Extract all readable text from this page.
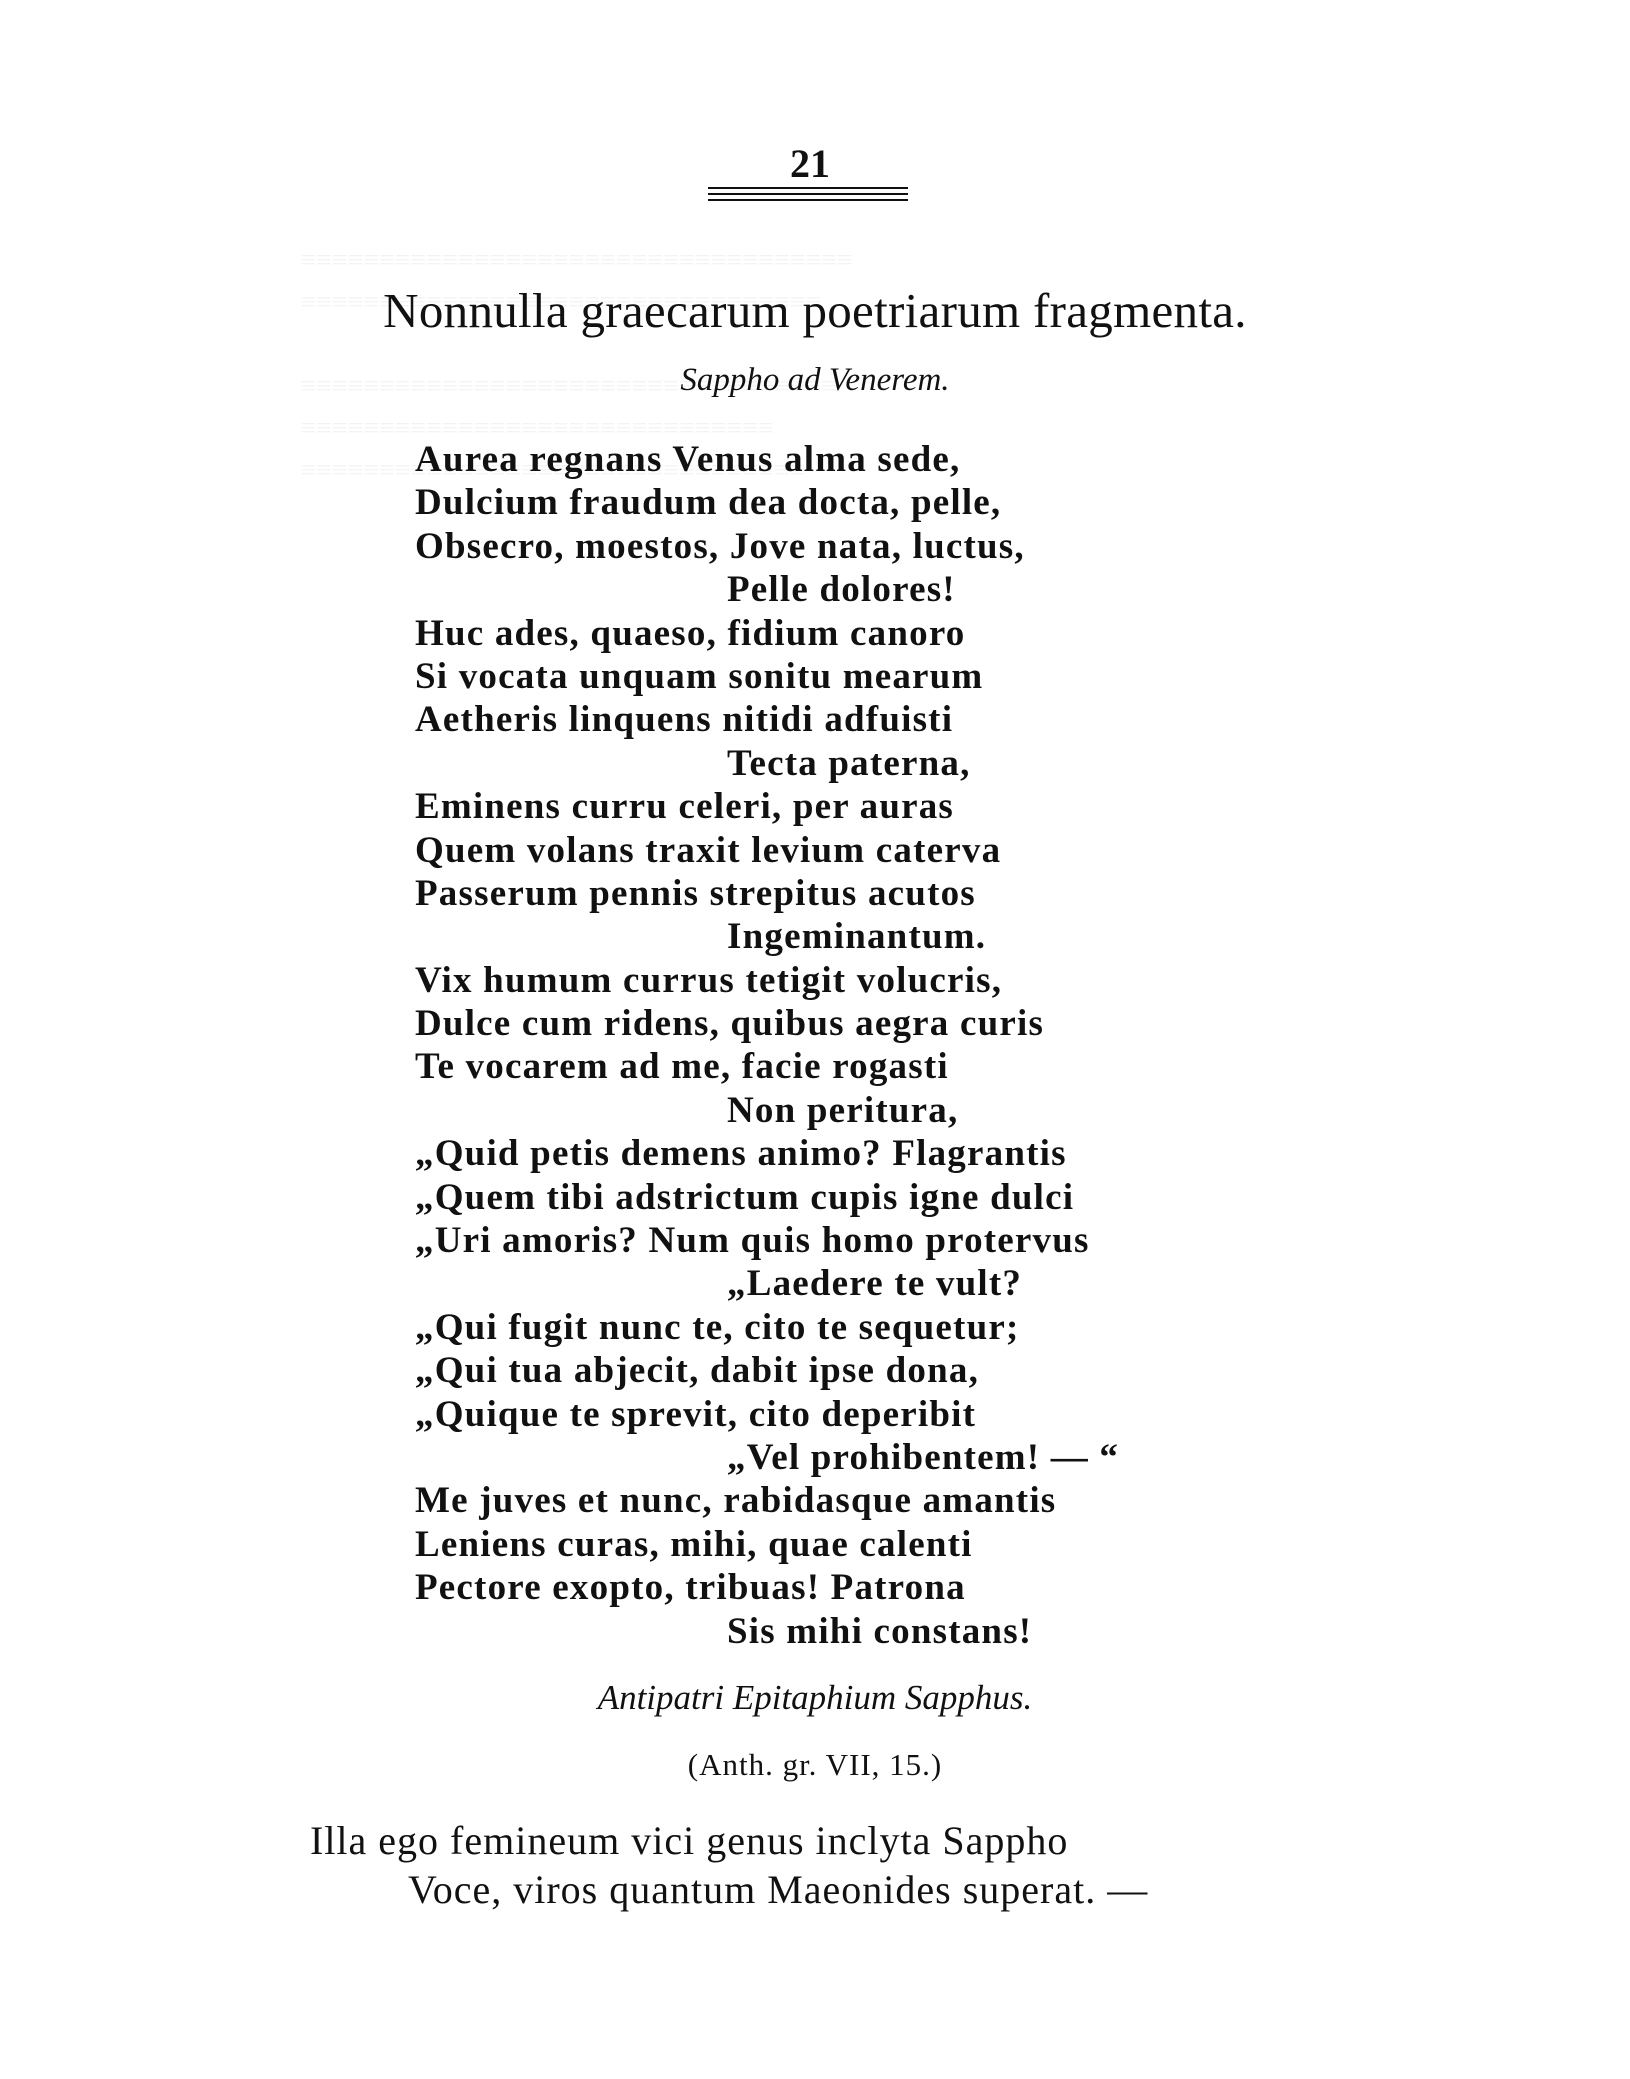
21
Nonnulla graecarum poetriarum fragmenta.
Sappho ad Venerem.
Aurea regnans Venus alma sede,
Dulcium fraudum dea docta, pelle,
Obsecro, moestos, Jove nata, luctus,
Pelle dolores!
Huc ades, quaeso, fidium canoro
Si vocata unquam sonitu mearum
Aetheris linquens nitidi adfuisti
Tecta paterna,
Eminens curru celeri, per auras
Quem volans traxit levium caterva
Passerum pennis strepitus acutos
Ingeminantum.
Vix humum currus tetigit volucris,
Dulce cum ridens, quibus aegra curis
Te vocarem ad me, facie rogasti
Non peritura,
„Quid petis demens animo? Flagrantis
„Quem tibi adstrictum cupis igne dulci
„Uri amoris? Num quis homo protervus
„Laedere te vult?
„Qui fugit nunc te, cito te sequetur;
„Qui tua abjecit, dabit ipse dona,
„Quique te sprevit, cito deperibit
„Vel prohibentem! — “
Me juves et nunc, rabidasque amantis
Leniens curas, mihi, quae calenti
Pectore exopto, tribuas! Patrona
Sis mihi constans!
Antipatri Epitaphium Sapphus.
(Anth. gr. VII, 15.)
Illa ego femineum vici genus inclyta Sappho
Voce, viros quantum Maeonides superat. —
